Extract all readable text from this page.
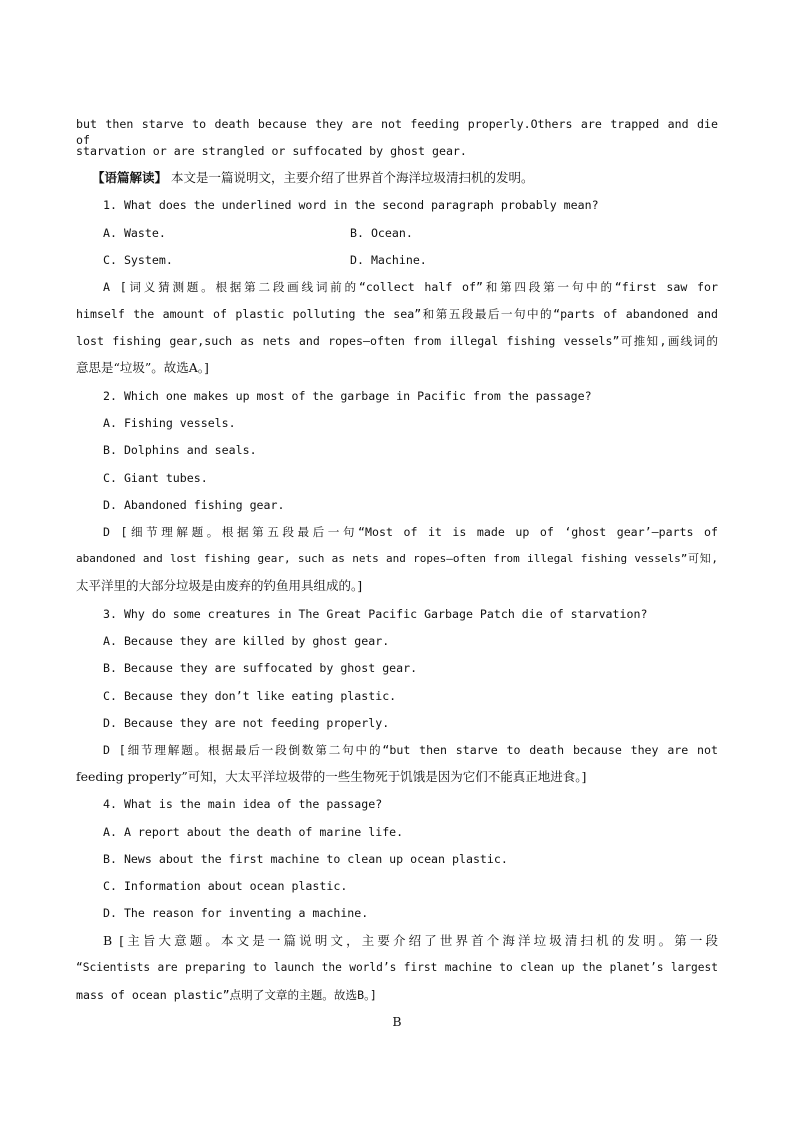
but then starve to death because they are not feeding properly.Others are trapped and die of
starvation or are strangled or suffocated by ghost gear.
【语篇解读】 本文是一篇说明文，主要介绍了世界首个海洋垃圾清扫机的发明。
1. What does the underlined word in the second paragraph probably mean?
A. Waste.	B. Ocean.
C. System.	D. Machine.
A [词义猜测题。根据第二段画线词前的“collect half of”和第四段第一句中的“first saw for
himself the amount of plastic polluting the sea”和第五段最后一句中的“parts of abandoned and
lost fishing gear,such as nets and ropes—often from illegal fishing vessels”可推知,画线词的
意思是“垃圾”。故选A。]
2. Which one makes up most of the garbage in Pacific from the passage?
A. Fishing vessels.
B. Dolphins and seals.
C. Giant tubes.
D. Abandoned fishing gear.
D [细节理解题。根据第五段最后一句“Most of it is made up of ‘ghost gear’—parts of
abandoned and lost fishing gear, such as nets and ropes—often from illegal fishing vessels”可知,
太平洋里的大部分垃圾是由废弃的钓鱼用具组成的。]
3. Why do some creatures in The Great Pacific Garbage Patch die of starvation?
A. Because they are killed by ghost gear.
B. Because they are suffocated by ghost gear.
C. Because they don’t like eating plastic.
D. Because they are not feeding properly.
D [细节理解题。根据最后一段倒数第二句中的“but then starve to death because they are not
feeding properly”可知，大太平洋垃圾带的一些生物死于饥饿是因为它们不能真正地进食。]
4. What is the main idea of the passage?
A. A report about the death of marine life.
B. News about the first machine to clean up ocean plastic.
C. Information about ocean plastic.
D. The reason for inventing a machine.
B [主旨大意题。本文是一篇说明文，主要介绍了世界首个海洋垃圾清扫机的发明。第一段
“Scientists are preparing to launch the world’s first machine to clean up the planet’s largest
mass of ocean plastic”点明了文章的主题。故选B。]
B
